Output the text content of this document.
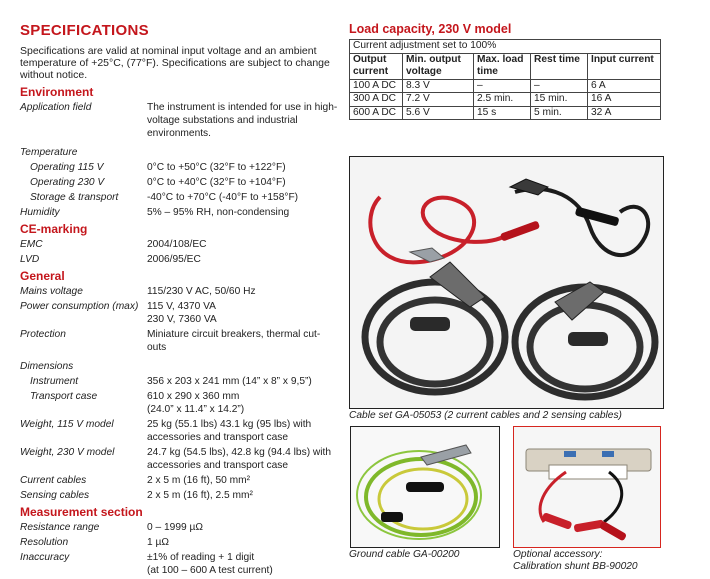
SPECIFICATIONS
Specifications are valid at nominal input voltage and an ambient temperature of +25°C, (77°F). Specifications are subject to change without notice.
Environment
Application field	The instrument is intended for use in high-voltage substations and industrial environments.
Temperature
Operating 115 V	0°C to +50°C (32°F to +122°F)
Operating 230 V	0°C to +40°C (32°F to +104°F)
Storage & transport	-40°C to +70°C (-40°F to +158°F)
Humidity	5% – 95% RH, non-condensing
CE-marking
EMC	2004/108/EC
LVD	2006/95/EC
General
Mains voltage	115/230 V AC, 50/60 Hz
Power consumption (max) 115 V, 4370 VA
230 V, 7360 VA
Protection	Miniature circuit breakers, thermal cut-outs
Dimensions
Instrument	356 x 203 x 241 mm (14” x 8” x 9,5”)
Transport case	610 x 290 x 360 mm
(24.0” x 11.4” x 14.2”)
Weight, 115 V model	25 kg (55.1 lbs) 43.1 kg (95 lbs) with accessories and transport case
Weight, 230 V model	24.7 kg (54.5 lbs), 42.8 kg (94.4 lbs) with accessories and transport case
Current cables	2 x 5 m (16 ft), 50 mm²
Sensing cables	2 x 5 m (16 ft), 2.5 mm²
Measurement section
Resistance range	0 – 1999 µΩ
Resolution	1 µΩ
Inaccuracy	±1% of reading + 1 digit
(at 100 – 600 A test current)
Load capacity, 230 V model
Current adjustment set to 100%				
Output current	Min. output voltage	Max. load time	Rest time	Input current
100 A DC	8.3 V	–	–	6 A
300 A DC	7.2 V	2.5 min.	15 min.	16 A
600 A DC	5.6 V	15 s	5 min.	32 A
Cable set GA-05053 (2 current cables and 2 sensing cables)
Ground cable GA-00200	Optional accessory:
Calibration shunt BB-90020
